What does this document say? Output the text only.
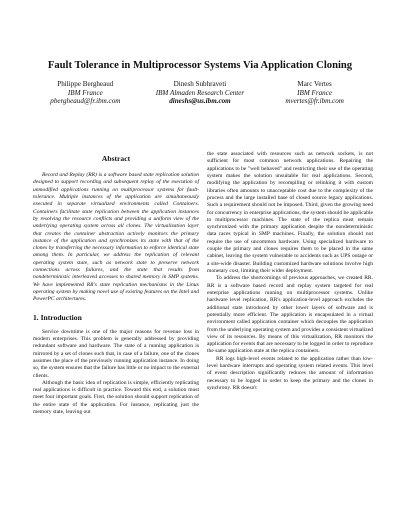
Fault Tolerance in Multiprocessor Systems Via Application Cloning
Philippe Bergheaud
IBM France
pbergheaud@fr.ibm.com
Dinesh Subhraveti
IBM Almaden Research Center
dineshs@us.ibm.com
Marc Vertes
IBM France
mvertes@fr.ibm.com
Abstract

Record and Replay (RR) is a software based state replication solution designed to support recording and subsequent replay of the execution of unmodified applications running on multiprocessor systems for fault-tolerance. Multiple instances of the application are simultaneously executed in separate virtualized environments called Containers. Containers facilitate state replication between the application instances by resolving the resource conflicts and providing a uniform view of the underlying operating system across all clones. The virtualization layer that creates the container abstraction actively monitors the primary instance of the application and synchronizes its state with that of the clones by transferring the necessary information to enforce identical state among them. In particular, we address the replication of relevant operating system state, such as network state to preserve network connections across failures, and the state that results from nondeterministic interleaved accesses to shared memory in SMP systems. We have implemented RR's state replication mechanisms in the Linux operating system by making novel use of existing features on the Intel and PowerPC architectures.

1. Introduction

Service downtime is one of the major reasons for revenue loss in modern enterprises. This problem is generally addressed by providing redundant software and hardware. The state of a running application is mirrored by a set of clones such that, in case of a failure, one of the clones assumes the place of the previously running application instance. In doing so, the system ensures that the failure has little or no impact to the external clients.

Although the basic idea of replication is simple, efficiently replicating real applications is difficult in practice. Toward this end, a solution must meet four important goals. First, the solution should support replication of the entire state of the application. For instance, replicating just the memory state, leaving out

the state associated with resources such as network sockets, is not sufficient for most common network applications. Repairing the applications to be "well behaved" and restricting their use of the operating system makes the solution unsuitable for real applications. Second, modifying the application by recompiling or relinking it with custom libraries often amounts to unacceptable cost due to the complexity of the process and the large installed base of closed source legacy applications. Such a requirement should not be imposed. Third, given the growing need for concurrency in enterprise applications, the system should be applicable to multiprocessor machines. The state of the replica must remain synchronized with the primary application despite the nondeterministic data races typical in SMP machines. Finally, the solution should not require the use of uncommon hardware. Using specialized hardware to couple the primary and clones requires them to be placed in the same cabinet, leaving the system vulnerable to accidents such as UPS outage or a site-wide disaster. Building customized hardware solutions involve high monetary cost, limiting their wider deployment.

To address the shortcomings of previous approaches, we created RR. RR is a software based record and replay system targeted for real enterprise applications running on multiprocessor systems. Unlike hardware level replication, RR's application-level approach excludes the additional state introduced by other lower layers of software and is potentially more efficient. The application is encapsulated in a virtual environment called application container which decouples the application from the underlying operating system and provides a consistent virtualized view of its resources. By means of this virtualization, RR monitors the application for events that are necessary to be logged in order to reproduce the same application state at the replica containers.

RR logs high-level events related to the application rather than low-level hardware interrupts and operating system related events. This level of event description significantly reduces the amount of information necessary to be logged in order to keep the primary and the clones in synchrony. RR doesn't
